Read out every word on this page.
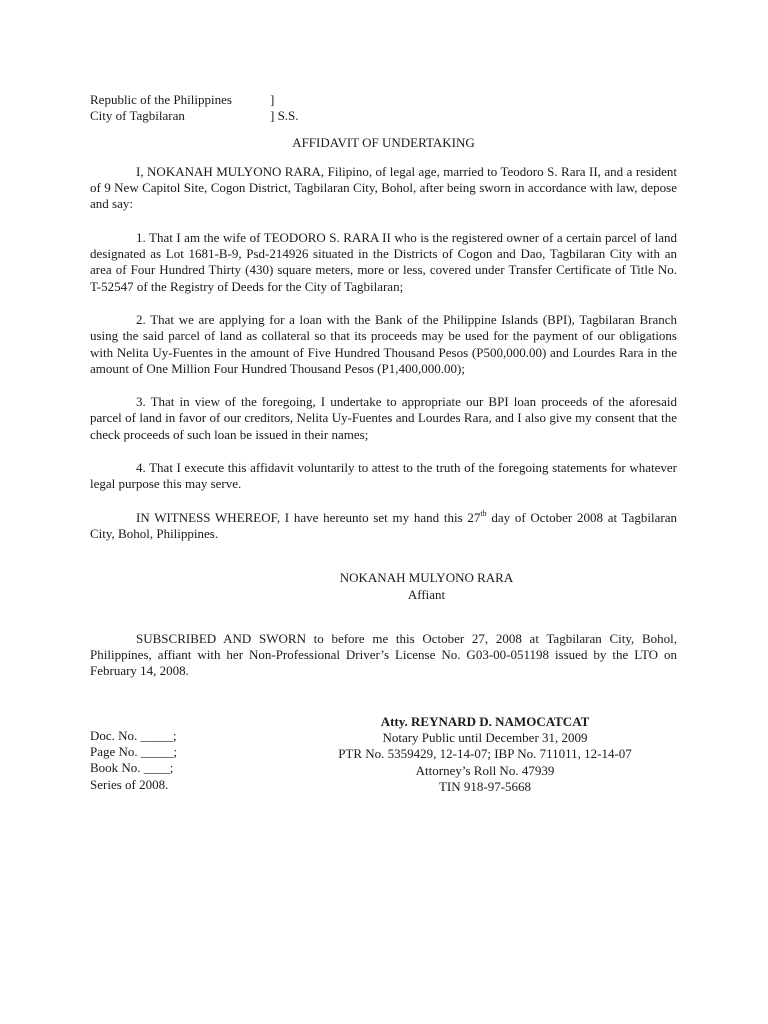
Republic of the Philippines	]
City of Tagbilaran	] S.S.
AFFIDAVIT OF UNDERTAKING

I, NOKANAH MULYONO RARA, Filipino, of legal age, married to Teodoro S. Rara II, and a resident of 9 New Capitol Site, Cogon District, Tagbilaran City, Bohol, after being sworn in accordance with law, depose and say:

1. That I am the wife of TEODORO S. RARA II who is the registered owner of a certain parcel of land designated as Lot 1681-B-9, Psd-214926 situated in the Districts of Cogon and Dao, Tagbilaran City with an area of Four Hundred Thirty (430) square meters, more or less, covered under Transfer Certificate of Title No. T-52547 of the Registry of Deeds for the City of Tagbilaran;

2. That we are applying for a loan with the Bank of the Philippine Islands (BPI), Tagbilaran Branch using the said parcel of land as collateral so that its proceeds may be used for the payment of our obligations with Nelita Uy-Fuentes in the amount of Five Hundred Thousand Pesos (P500,000.00) and Lourdes Rara in the amount of One Million Four Hundred Thousand Pesos (P1,400,000.00);

3. That in view of the foregoing, I undertake to appropriate our BPI loan proceeds of the aforesaid parcel of land in favor of our creditors, Nelita Uy-Fuentes and Lourdes Rara, and I also give my consent that the check proceeds of such loan be issued in their names;

4. That I execute this affidavit voluntarily to attest to the truth of the foregoing statements for whatever legal purpose this may serve.

IN WITNESS WHEREOF, I have hereunto set my hand this 27th day of October 2008 at Tagbilaran City, Bohol, Philippines.

NOKANAH MULYONO RARA
Affiant

SUBSCRIBED AND SWORN to before me this October 27, 2008 at Tagbilaran City, Bohol, Philippines, affiant with her Non-Professional Driver’s License No. G03-00-051198 issued by the LTO on February 14, 2008.

Doc. No. _____;
Page No. _____;
Book No. ____;
Series of 2008.
Atty. REYNARD D. NAMOCATCAT
Notary Public until December 31, 2009
PTR No. 5359429, 12-14-07; IBP No. 711011, 12-14-07
Attorney’s Roll No. 47939
TIN 918-97-5668
